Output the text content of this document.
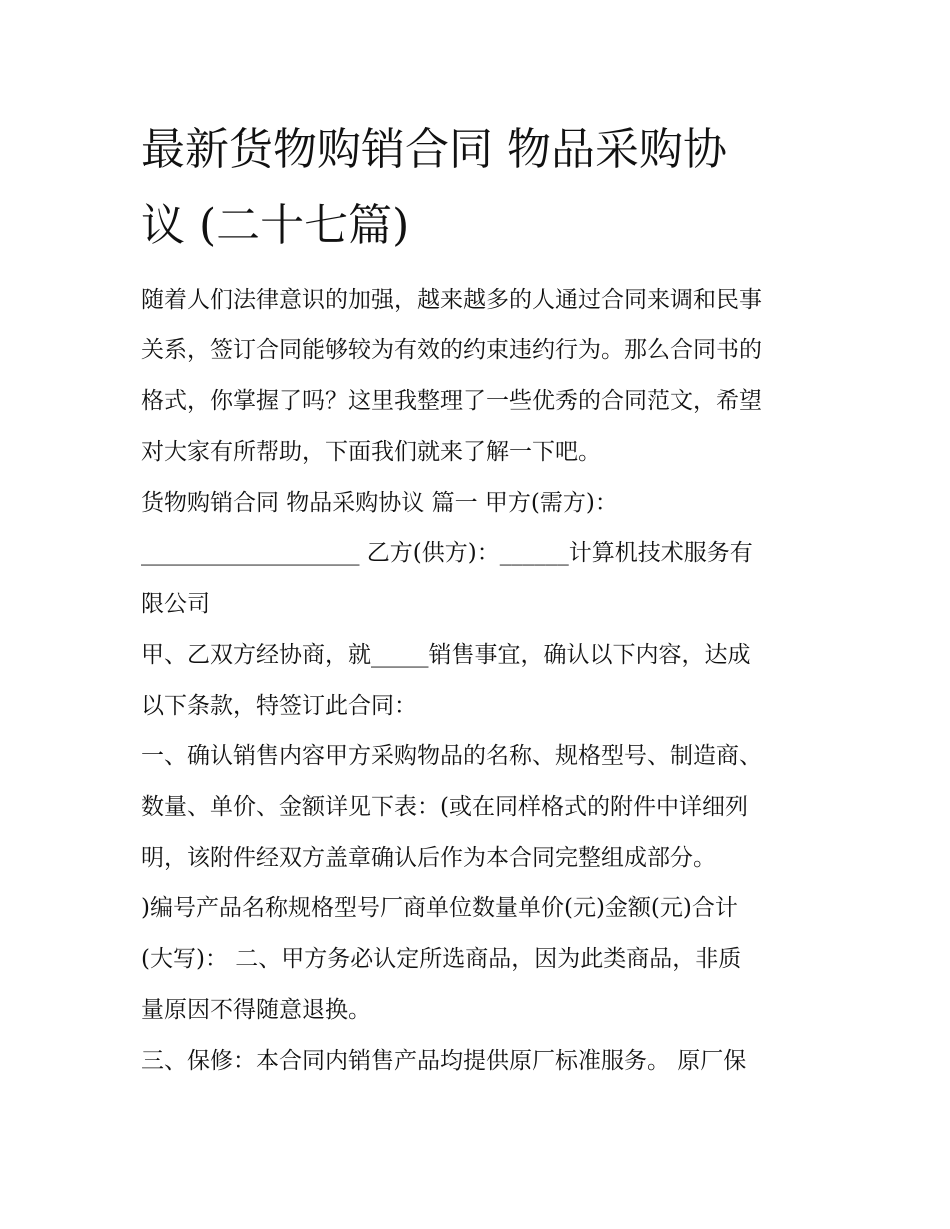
最新货物购销合同 物品采购协
议 (二十七篇)

随着人们法律意识的加强，越来越多的人通过合同来调和民事

关系，签订合同能够较为有效的约束违约行为。那么合同书的

格式，你掌握了吗？这里我整理了一些优秀的合同范文，希望

对大家有所帮助，下面我们就来了解一下吧。

货物购销合同 物品采购协议 篇一 甲方(需方)：

___________________ 乙方(供方)：______计算机技术服务有

限公司

甲、乙双方经协商，就_____销售事宜，确认以下内容，达成

以下条款，特签订此合同：

一、确认销售内容甲方采购物品的名称、规格型号、制造商、

数量、单价、金额详见下表：(或在同样格式的附件中详细列

明，该附件经双方盖章确认后作为本合同完整组成部分。

)编号产品名称规格型号厂商单位数量单价(元)金额(元)合计

(大写)： 二、甲方务必认定所选商品，因为此类商品，非质

量原因不得随意退换。

三、保修：本合同内销售产品均提供原厂标准服务。 原厂保
